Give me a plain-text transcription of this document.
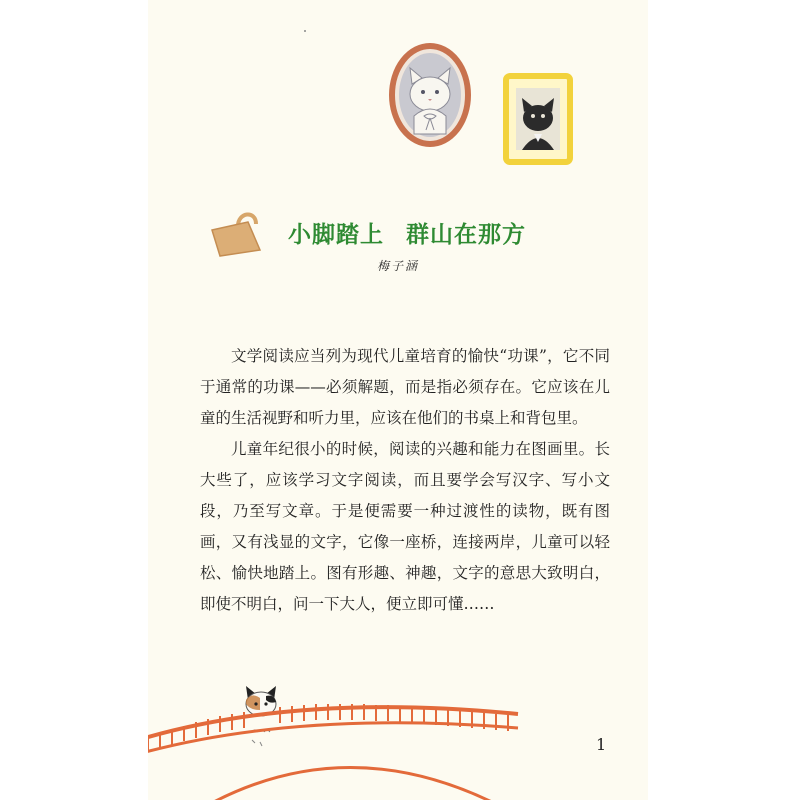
小脚踏上 群山在那方
梅子涵

文学阅读应当列为现代儿童培育的愉快“功课”，它不同于通常的功课——必须解题，而是指必须存在。它应该在儿童的生活视野和听力里，应该在他们的书桌上和背包里。

儿童年纪很小的时候，阅读的兴趣和能力在图画里。长大些了，应该学习文字阅读，而且要学会写汉字、写小文段，乃至写文章。于是便需要一种过渡性的读物，既有图画，又有浅显的文字，它像一座桥，连接两岸，儿童可以轻松、愉快地踏上。图有形趣、神趣，文字的意思大致明白，即使不明白，问一下大人，便立即可懂……

1
